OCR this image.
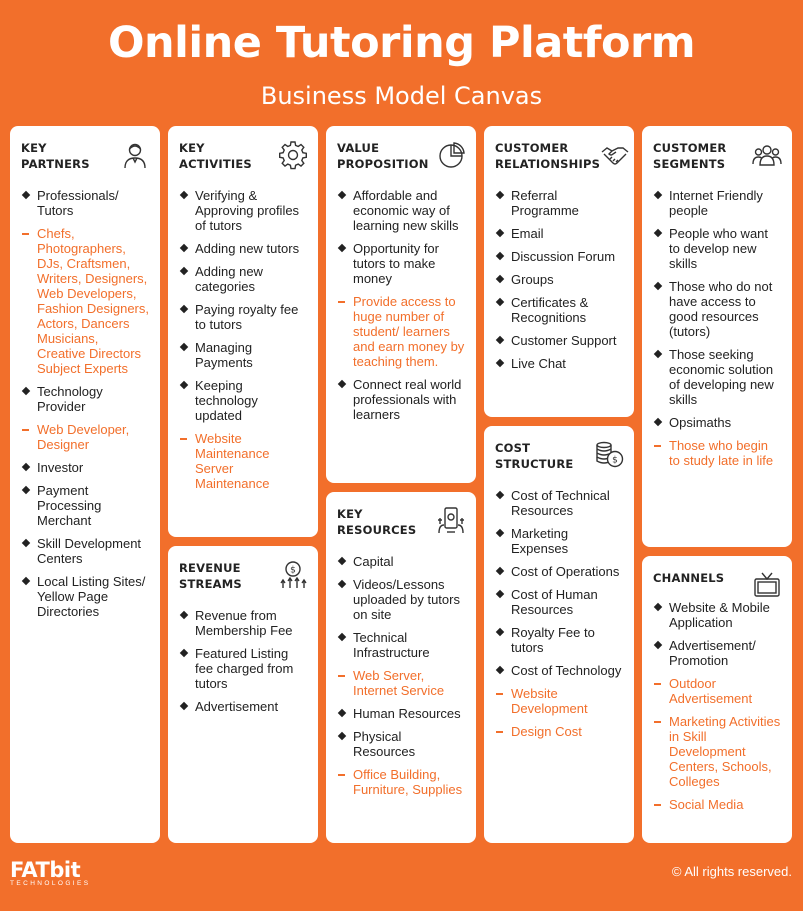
Online Tutoring Platform
Business Model Canvas
KEY
PARTNERS
Professionals/ Tutors
Chefs, Photographers, DJs, Craftsmen, Writers, Designers, Web Developers, Fashion Designers, Actors, Dancers Musicians, Creative Directors Subject Experts
Technology Provider
Web Developer, Designer
Investor
Payment Processing Merchant
Skill Development Centers
Local Listing Sites/ Yellow Page Directories
KEY
ACTIVITIES
Verifying & Approving profiles of tutors
Adding new tutors
Adding new categories
Paying royalty fee to tutors
Managing Payments
Keeping technology updated
Website Maintenance Server Maintenance
REVENUE
STREAMS
$
Revenue from Membership Fee
Featured Listing fee charged from tutors
Advertisement
VALUE
PROPOSITION
Affordable and economic way of learning new skills
Opportunity for tutors to make money
Provide access to huge number of student/ learners and earn money by teaching them.
Connect real world professionals with learners
KEY
RESOURCES
Capital
Videos/Lessons uploaded by tutors on site
Technical Infrastructure
Web Server, Internet Service
Human Resources
Physical Resources
Office Building, Furniture, Supplies
CUSTOMER
RELATIONSHIPS
Referral Programme
Email
Discussion Forum
Groups
Certificates & Recognitions
Customer Support
Live Chat
COST
STRUCTURE	$
Cost of Technical Resources
Marketing Expenses
Cost of Operations
Cost of Human Resources
Royalty Fee to tutors
Cost of Technology
Website Development
Design Cost
CUSTOMER
SEGMENTS
Internet Friendly people
People who want to develop new skills
Those who do not have access to good resources (tutors)
Those seeking economic solution of developing new skills
Opsimaths
Those who begin to study late in life
CHANNELS
Website & Mobile Application
Advertisement/ Promotion
Outdoor Advertisement
Marketing Activities in Skill Development Centers, Schools, Colleges
Social Media
FATbit
TECHNOLOGIES
© All rights reserved.
